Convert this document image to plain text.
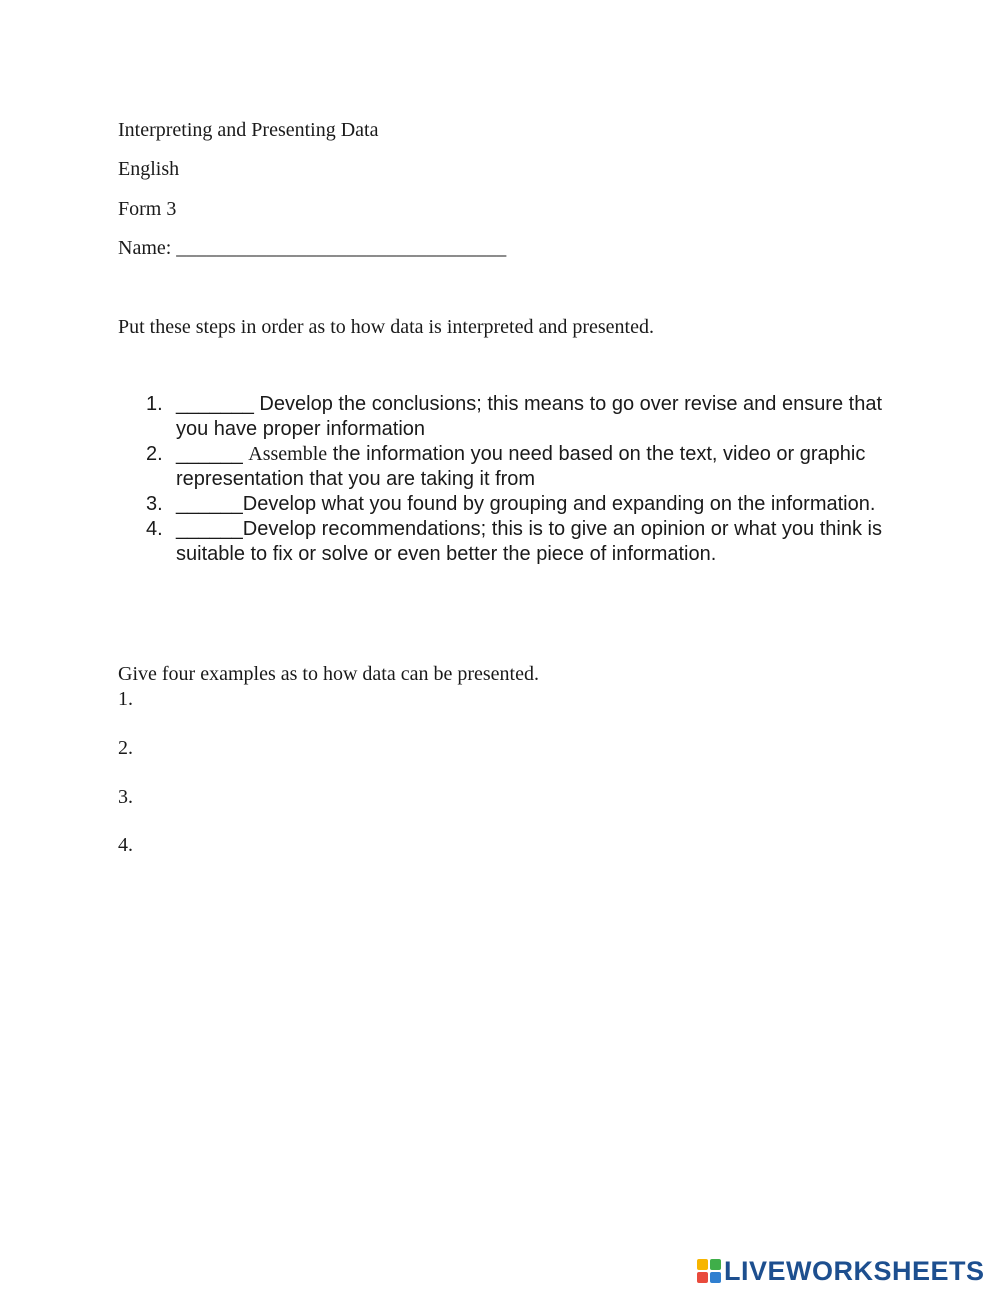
Interpreting and Presenting Data

English

Form 3

Name: _________________________________

Put these steps in order as to how data is interpreted and presented.

1. _______ Develop the conclusions; this means to go over revise and ensure that you have proper information
2. ______ Assemble the information you need based on the text, video or graphic representation that you are taking it from
3. ______Develop what you found by grouping and expanding on the information.
4. ______Develop recommendations; this is to give an opinion or what you think is suitable to fix or solve or even better the piece of information.

Give four examples as to how data can be presented.

1.

2.

3.

4.

LIVEWORKSHEETS
